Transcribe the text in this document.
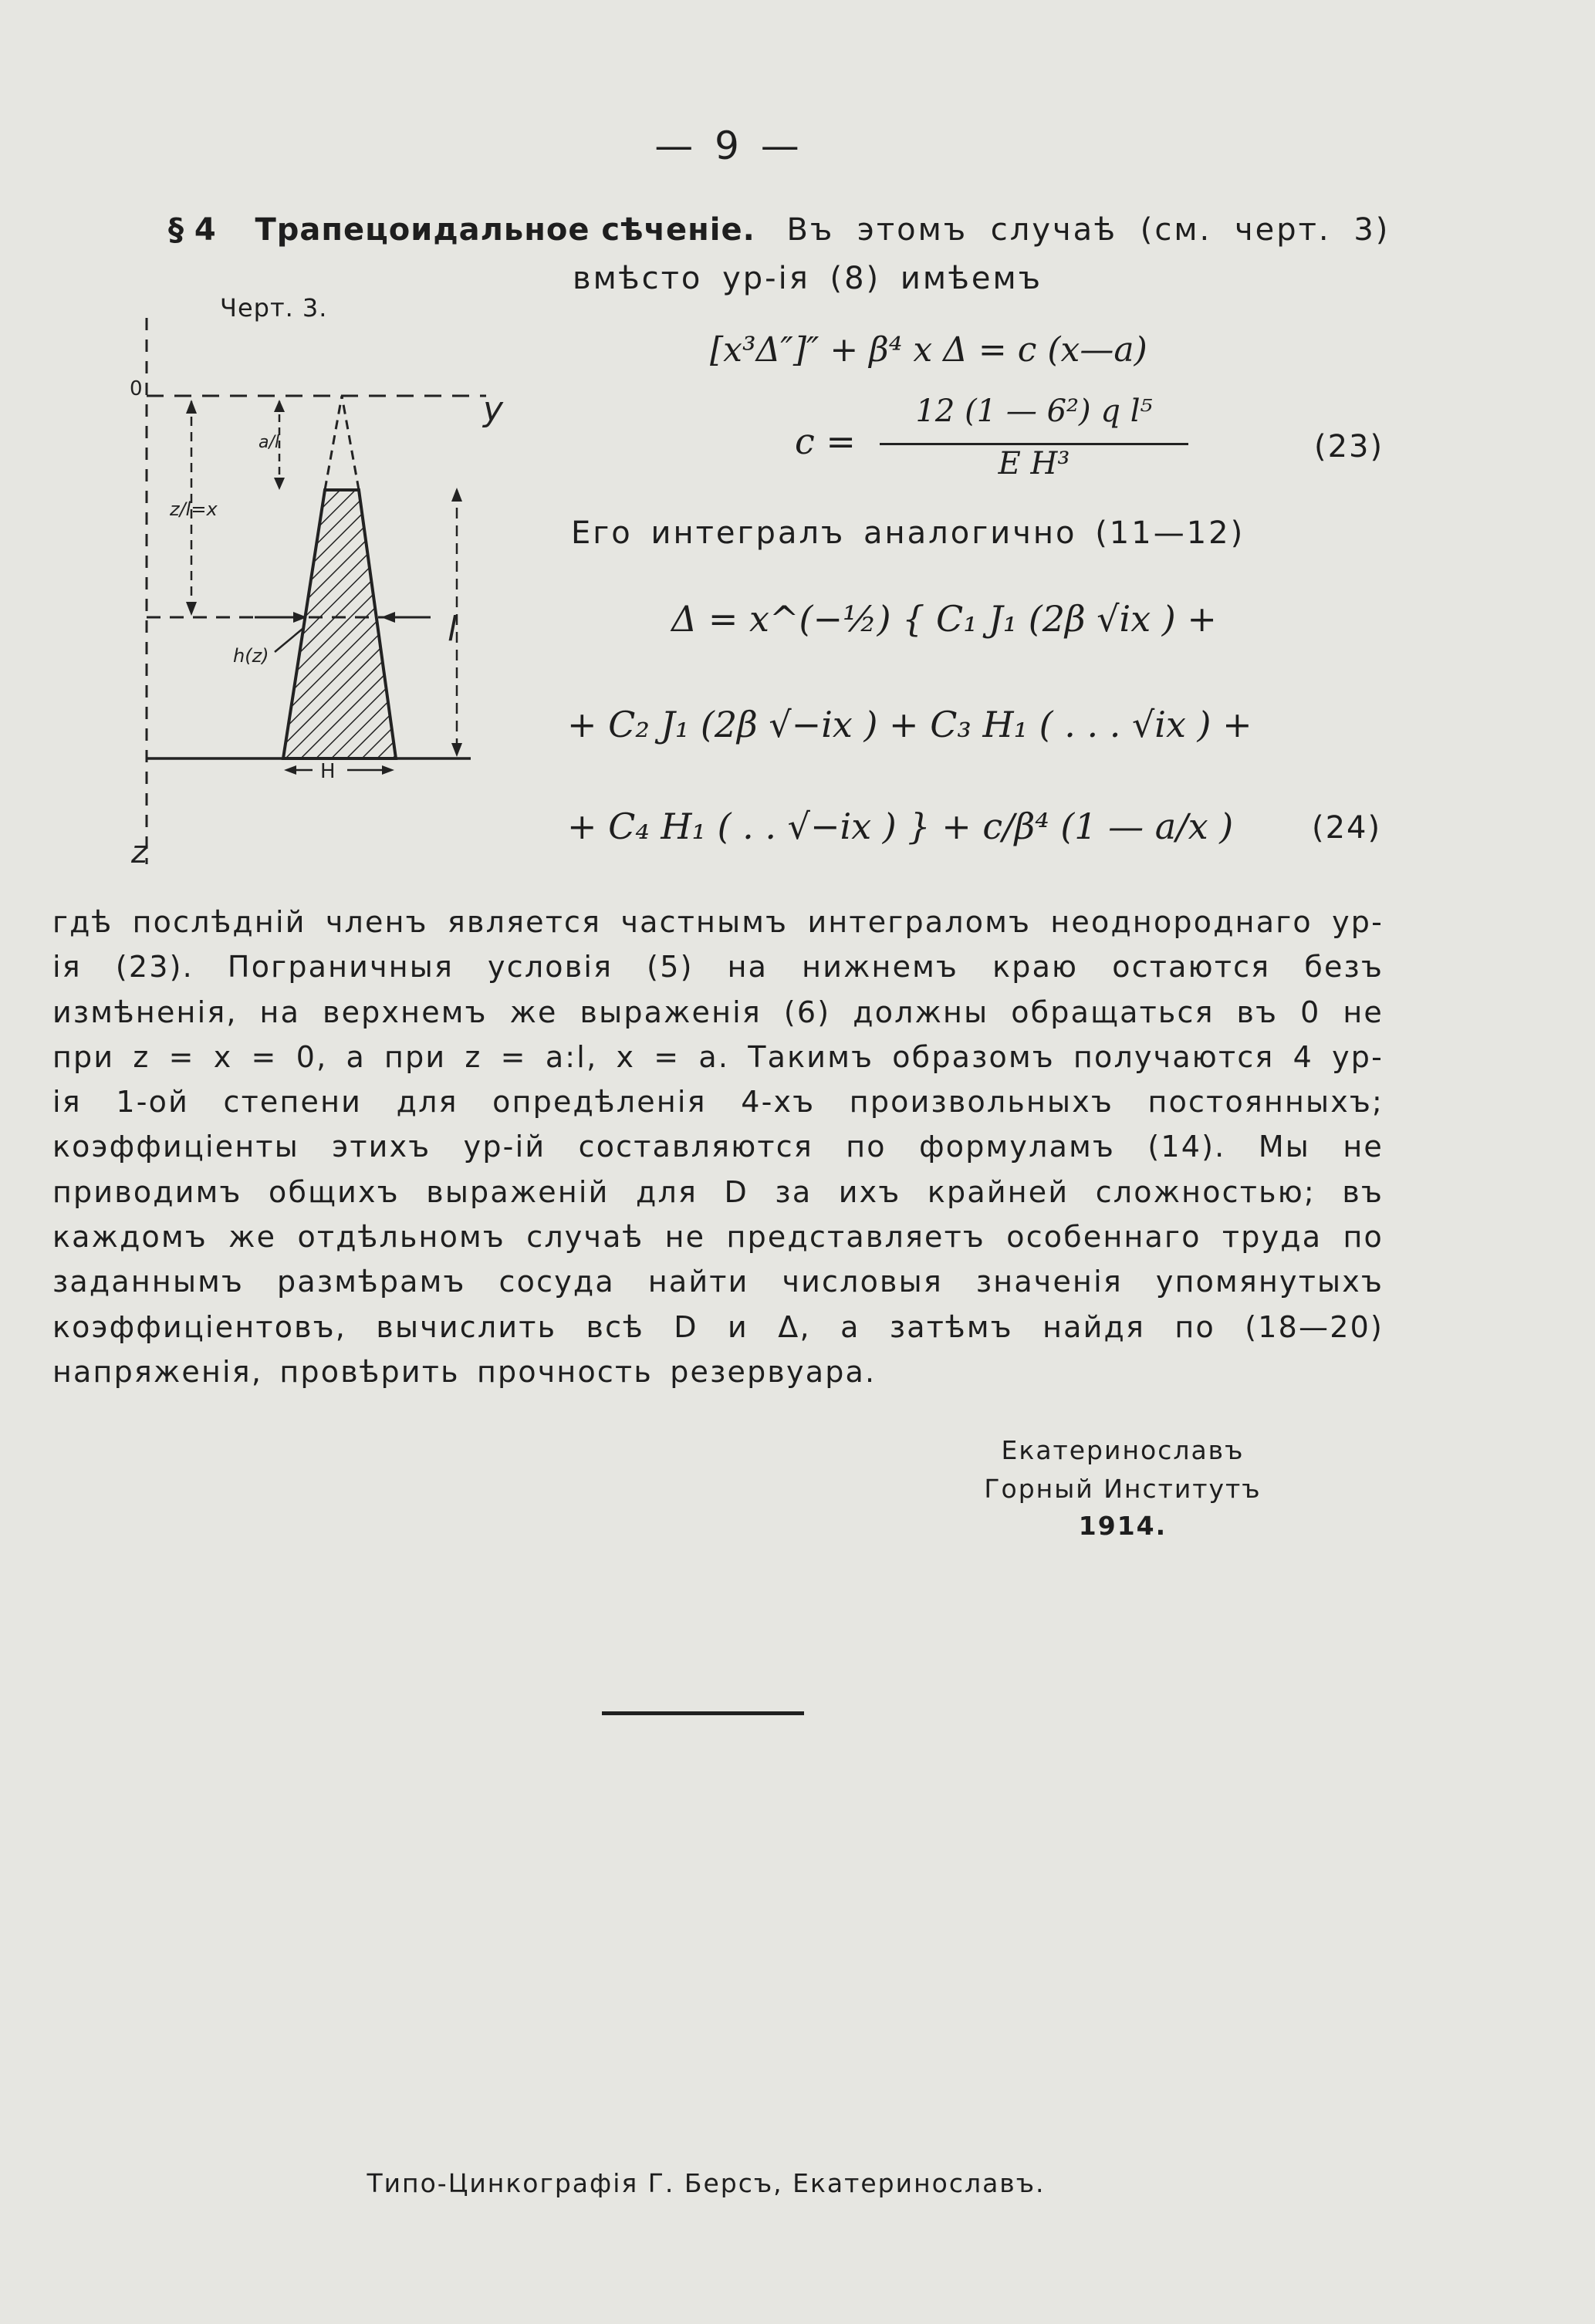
— 9 —
§ 4 Трапецоидальное сѣченіе. Въ этомъ случаѣ (см. черт. 3)
вмѣсто ур-ія (8) имѣемъ
Черт. 3.
0
y
z
a/l
z/l=x
h(z)
l
H
[x³Δ″]″ + β⁴ x Δ = c (x—a)
c =
12 (1 — 6²) q l⁵
E H³	(23)
Его интегралъ аналогично (11—12)
Δ = x^(−½) { C₁ J₁ (2β √ix ) +
+ C₂ J₁ (2β √−ix ) + C₃ H₁ ( . . . √ix ) +
+ C₄ H₁ ( . . √−ix ) } + c/β⁴ (1 — a/x )	(24)
гдѣ послѣдній членъ является частнымъ интеграломъ неоднороднаго ур-ія (23). Пограничныя условія (5) на нижнемъ краю остаются безъ измѣненія, на верхнемъ же выраженія (6) должны обращаться въ 0 не при z = x = 0, а при z = a:l, x = a. Такимъ образомъ получаются 4 ур-ія 1-ой степени для опредѣленія 4-хъ произвольныхъ постоянныхъ; коэффиціенты этихъ ур-ій составляются по формуламъ (14). Мы не приводимъ общихъ выраженій для D за ихъ крайней сложностью; въ каждомъ же отдѣльномъ случаѣ не представляетъ особеннаго труда по заданнымъ размѣрамъ сосуда найти числовыя значенія упомянутыхъ коэффиціентовъ, вычислить всѣ D и Δ, а затѣмъ найдя по (18—20) напряженія, провѣрить прочность резервуара.
Екатеринославъ
Горный Институтъ
1914.
Типо-Цинкографія Г. Берсъ, Екатеринославъ.
